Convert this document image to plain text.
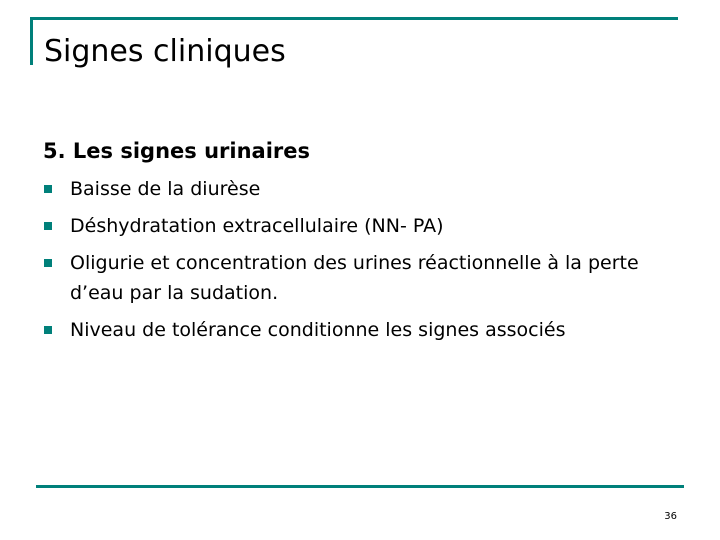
Signes cliniques
5. Les signes urinaires
Baisse de la diurèse
Déshydratation extracellulaire (NN- PA)
Oligurie et concentration des urines réactionnelle à la perte d’eau par la sudation.
Niveau de tolérance conditionne les signes associés
36
